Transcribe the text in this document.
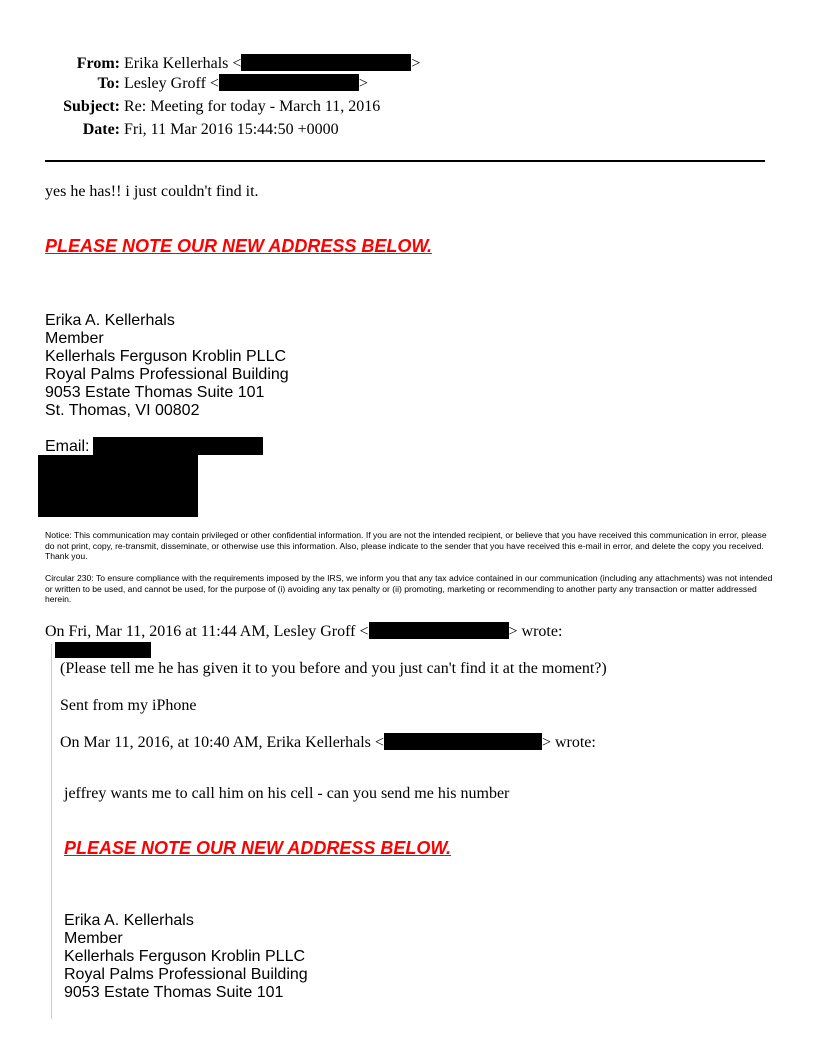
From: Erika Kellerhals <	>
To: Lesley Groff <	>
Subject: Re: Meeting for today - March 11, 2016
Date: Fri, 11 Mar 2016 15:44:50 +0000
yes he has!! i just couldn't find it.
PLEASE NOTE OUR NEW ADDRESS BELOW.
Erika A. Kellerhals
Member
Kellerhals Ferguson Kroblin PLLC
Royal Palms Professional Building
9053 Estate Thomas Suite 101
St. Thomas, VI 00802
Email:
Notice: This communication may contain privileged or other confidential information. If you are not the intended recipient, or believe that you have received this communication in error, please do not print, copy, re-transmit, disseminate, or otherwise use this information. Also, please indicate to the sender that you have received this e-mail in error, and delete the copy you received. Thank you.
Circular 230: To ensure compliance with the requirements imposed by the IRS, we inform you that any tax advice contained in our communication (including any attachments) was not intended or written to be used, and cannot be used, for the purpose of (i) avoiding any tax penalty or (ii) promoting, marketing or recommending to another party any transaction or matter addressed herein.
On Fri, Mar 11, 2016 at 11:44 AM, Lesley Groff <	> wrote:
(Please tell me he has given it to you before and you just can't find it at the moment?)
Sent from my iPhone
On Mar 11, 2016, at 10:40 AM, Erika Kellerhals <	> wrote:
jeffrey wants me to call him on his cell - can you send me his number
PLEASE NOTE OUR NEW ADDRESS BELOW.
Erika A. Kellerhals
Member
Kellerhals Ferguson Kroblin PLLC
Royal Palms Professional Building
9053 Estate Thomas Suite 101
